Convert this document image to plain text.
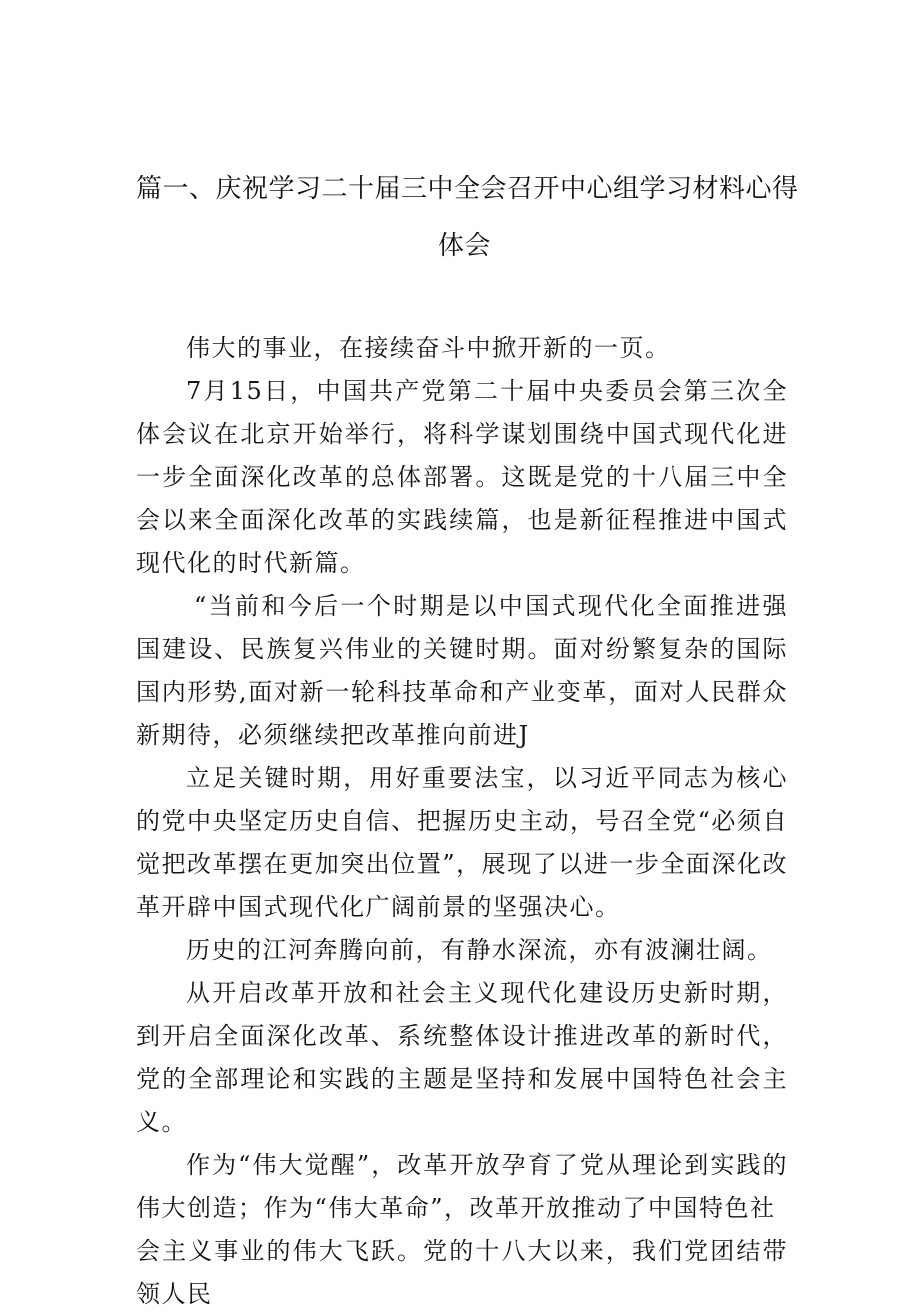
篇一、庆祝学习二十届三中全会召开中心组学习材料心得
体会

伟大的事业，在接续奋斗中掀开新的一页。

7月15日，中国共产党第二十届中央委员会第三次全体会议在北京开始举行，将科学谋划围绕中国式现代化进一步全面深化改革的总体部署。这既是党的十八届三中全会以来全面深化改革的实践续篇，也是新征程推进中国式现代化的时代新篇。

“当前和今后一个时期是以中国式现代化全面推进强国建设、民族复兴伟业的关键时期。面对纷繁复杂的国际国内形势,面对新一轮科技革命和产业变革，面对人民群众新期待，必须继续把改革推向前进J

立足关键时期，用好重要法宝，以习近平同志为核心的党中央坚定历史自信、把握历史主动，号召全党“必须自觉把改革摆在更加突出位置”，展现了以进一步全面深化改革开辟中国式现代化广阔前景的坚强决心。

历史的江河奔腾向前，有静水深流，亦有波澜壮阔。

从开启改革开放和社会主义现代化建设历史新时期，到开启全面深化改革、系统整体设计推进改革的新时代，党的全部理论和实践的主题是坚持和发展中国特色社会主义。

作为“伟大觉醒”，改革开放孕育了党从理论到实践的伟大创造；作为“伟大革命”，改革开放推动了中国特色社

会主义事业的伟大飞跃。党的十八大以来，我们党团结带领人民
